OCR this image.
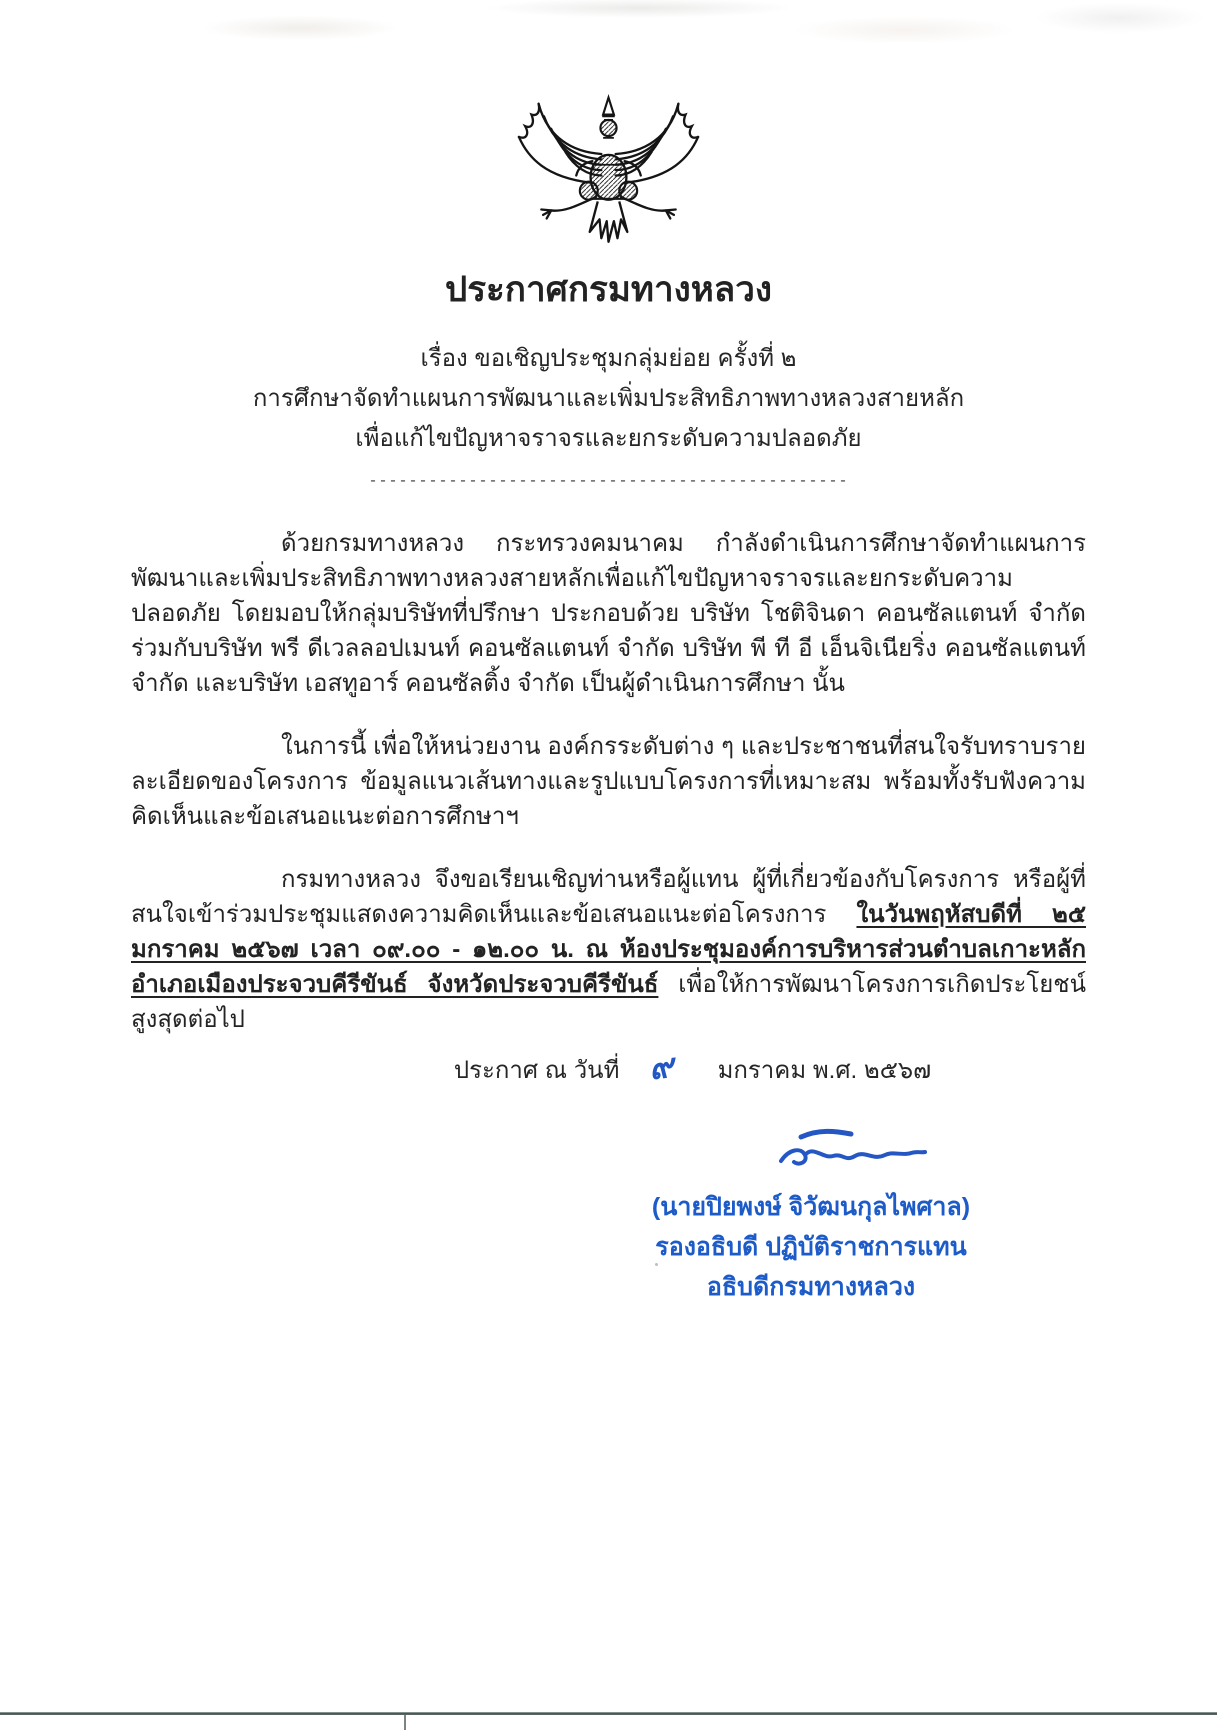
ประกาศกรมทางหลวง
เรื่อง ขอเชิญประชุมกลุ่มย่อย ครั้งที่ ๒
การศึกษาจัดทำแผนการพัฒนาและเพิ่มประสิทธิภาพทางหลวงสายหลัก
เพื่อแก้ไขปัญหาจราจรและยกระดับความปลอดภัย
------------------------------------------------

ด้วยกรมทางหลวง กระทรวงคมนาคม กำลังดำเนินการศึกษาจัดทำแผนการพัฒนาและเพิ่มประสิทธิภาพทางหลวงสายหลักเพื่อแก้ไขปัญหาจราจรและยกระดับความปลอดภัย โดยมอบให้กลุ่มบริษัทที่ปรึกษา ประกอบด้วย บริษัท โชติจินดา คอนซัลแตนท์ จำกัด ร่วมกับบริษัท พรี ดีเวลลอปเมนท์ คอนซัลแตนท์ จำกัด บริษัท พี ที อี เอ็นจิเนียริ่ง คอนซัลแตนท์ จำกัด และบริษัท เอสทูอาร์ คอนซัลติ้ง จำกัด เป็นผู้ดำเนินการศึกษา นั้น

ในการนี้ เพื่อให้หน่วยงาน องค์กรระดับต่าง ๆ และประชาชนที่สนใจรับทราบรายละเอียดของโครงการ ข้อมูลแนวเส้นทางและรูปแบบโครงการที่เหมาะสม พร้อมทั้งรับฟังความคิดเห็นและข้อเสนอแนะต่อการศึกษาฯ

กรมทางหลวง จึงขอเรียนเชิญท่านหรือผู้แทน ผู้ที่เกี่ยวข้องกับโครงการ หรือผู้ที่สนใจเข้าร่วมประชุมแสดงความคิดเห็นและข้อเสนอแนะต่อโครงการ ในวันพฤหัสบดีที่ ๒๕ มกราคม ๒๕๖๗ เวลา ๐๙.๐๐ - ๑๒.๐๐ น. ณ ห้องประชุมองค์การบริหารส่วนตำบลเกาะหลัก อำเภอเมืองประจวบคีรีขันธ์ จังหวัดประจวบคีรีขันธ์ เพื่อให้การพัฒนาโครงการเกิดประโยชน์สูงสุดต่อไป

ประกาศ ณ วันที่ ๙ มกราคม พ.ศ. ๒๕๖๗
(นายปิยพงษ์ จิวัฒนกุลไพศาล)
รองอธิบดี ปฏิบัติราชการแทน
อธิบดีกรมทางหลวง
